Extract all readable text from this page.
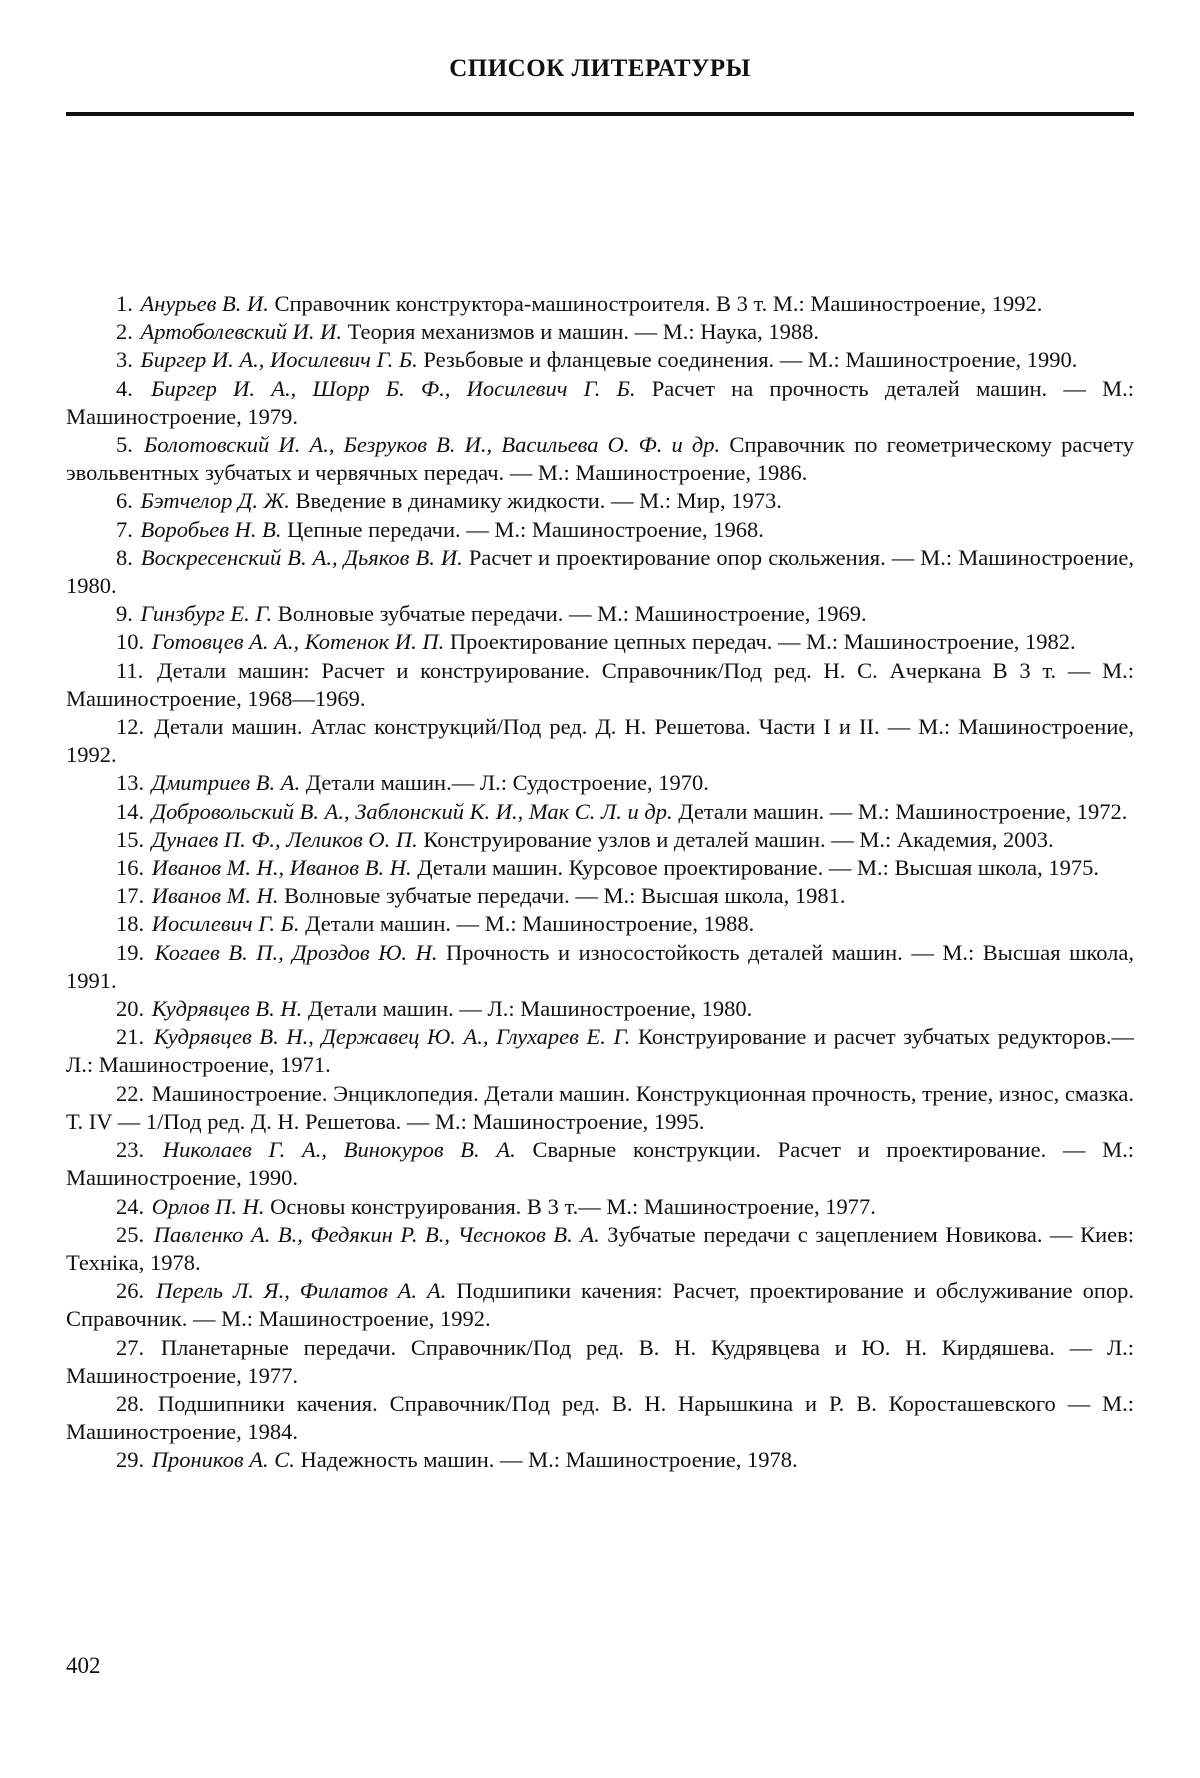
СПИСОК ЛИТЕРАТУРЫ

1. Анурьев В. И. Справочник конструктора-машиностроителя. В 3 т. М.: Машиностроение, 1992.

2. Артоболевский И. И. Теория механизмов и машин. — М.: Наука, 1988.

3. Биргер И. А., Иосилевич Г. Б. Резьбовые и фланцевые соединения. — М.: Машиностроение, 1990.

4. Биргер И. А., Шорр Б. Ф., Иосилевич Г. Б. Расчет на прочность деталей машин. — М.: Машиностроение, 1979.

5. Болотовский И. А., Безруков В. И., Васильева О. Ф. и др. Справочник по геометрическому расчету эвольвентных зубчатых и червячных передач. — М.: Машиностроение, 1986.

6. Бэтчелор Д. Ж. Введение в динамику жидкости. — М.: Мир, 1973.

7. Воробьев Н. В. Цепные передачи. — М.: Машиностроение, 1968.

8. Воскресенский В. А., Дьяков В. И. Расчет и проектирование опор скольжения. — М.: Машиностроение, 1980.

9. Гинзбург Е. Г. Волновые зубчатые передачи. — М.: Машиностроение, 1969.

10. Готовцев А. А., Котенок И. П. Проектирование цепных передач. — М.: Машиностроение, 1982.

11. Детали машин: Расчет и конструирование. Справочник/Под ред. Н. С. Ачеркана В 3 т. — М.: Машиностроение, 1968—1969.

12. Детали машин. Атлас конструкций/Под ред. Д. Н. Решетова. Части I и II. — М.: Машиностроение, 1992.

13. Дмитриев В. А. Детали машин.— Л.: Судостроение, 1970.

14. Добровольский В. А., Заблонский К. И., Мак С. Л. и др. Детали машин. — М.: Машиностроение, 1972.

15. Дунаев П. Ф., Леликов О. П. Конструирование узлов и деталей машин. — М.: Академия, 2003.

16. Иванов М. Н., Иванов В. Н. Детали машин. Курсовое проектирование. — М.: Высшая школа, 1975.

17. Иванов М. Н. Волновые зубчатые передачи. — М.: Высшая школа, 1981.

18. Иосилевич Г. Б. Детали машин. — М.: Машиностроение, 1988.

19. Когаев В. П., Дроздов Ю. Н. Прочность и износостойкость деталей машин. — М.: Высшая школа, 1991.

20. Кудрявцев В. Н. Детали машин. — Л.: Машиностроение, 1980.

21. Кудрявцев В. Н., Державец Ю. А., Глухарев Е. Г. Конструирование и расчет зубчатых редукторов.— Л.: Машиностроение, 1971.

22. Машиностроение. Энциклопедия. Детали машин. Конструкционная прочность, трение, износ, смазка. Т. IV — 1/Под ред. Д. Н. Решетова. — М.: Машиностроение, 1995.

23. Николаев Г. А., Винокуров В. А. Сварные конструкции. Расчет и проектирование. — М.: Машиностроение, 1990.

24. Орлов П. Н. Основы конструирования. В 3 т.— М.: Машиностроение, 1977.

25. Павленко А. В., Федякин Р. В., Чесноков В. А. Зубчатые передачи с зацеплением Новикова. — Киев: Техніка, 1978.

26. Перель Л. Я., Филатов А. А. Подшипики качения: Расчет, проектирование и обслуживание опор. Справочник. — М.: Машиностроение, 1992.

27. Планетарные передачи. Справочник/Под ред. В. Н. Кудрявцева и Ю. Н. Кирдяшева. — Л.: Машиностроение, 1977.

28. Подшипники качения. Справочник/Под ред. В. Н. Нарышкина и Р. В. Коросташевского — М.: Машиностроение, 1984.

29. Проников А. С. Надежность машин. — М.: Машиностроение, 1978.

402
